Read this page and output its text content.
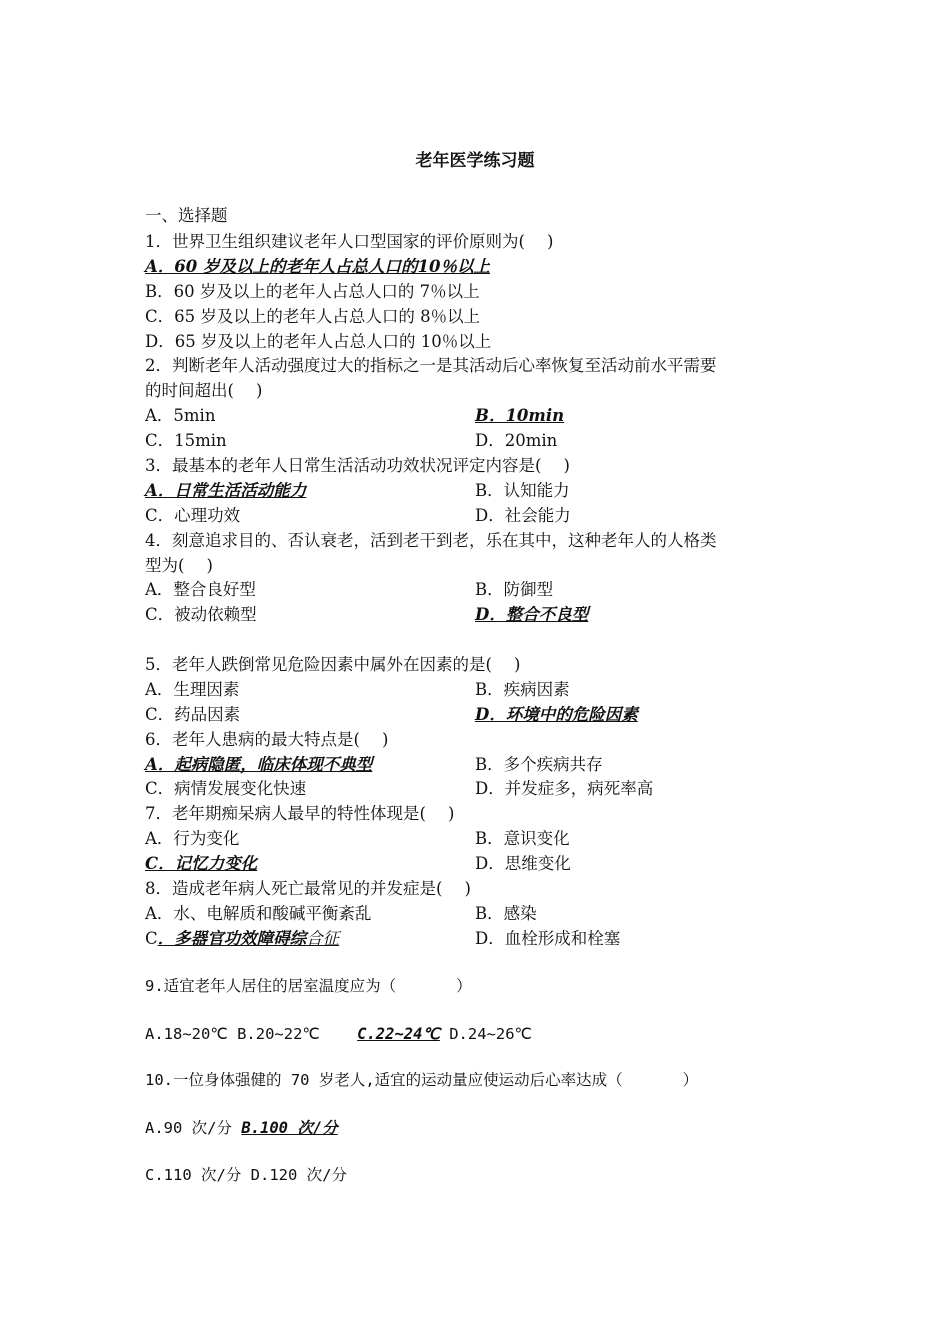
老年医学练习题
一、选择题
1．世界卫生组织建议老年人口型国家的评价原则为( )
A．60 岁及以上的老年人占总人口的10％以上
B．60 岁及以上的老年人占总人口的 7％以上
C．65 岁及以上的老年人占总人口的 8％以上
D．65 岁及以上的老年人占总人口的 10％以上
2．判断老年人活动强度过大的指标之一是其活动后心率恢复至活动前水平需要
的时间超出( )
A．5min	B．10min
C．15min	D．20min
3．最基本的老年人日常生活活动功效状况评定内容是( )
A．日常生活活动能力	B．认知能力
C．心理功效	D．社会能力
4．刻意追求目的、否认衰老，活到老干到老，乐在其中，这种老年人的人格类
型为( )
A．整合良好型	B．防御型
C．被动依赖型	D．整合不良型
5．老年人跌倒常见危险因素中属外在因素的是( )
A．生理因素	B．疾病因素
C．药品因素	D．环境中的危险因素
6．老年人患病的最大特点是( )
A．起病隐匿，临床体现不典型	B．多个疾病共存
C．病情发展变化快速	D．并发症多，病死率高
7．老年期痴呆病人最早的特性体现是( )
A．行为变化	B．意识变化
C．记忆力变化	D．思维变化
8．造成老年病人死亡最常见的并发症是( )
A．水、电解质和酸碱平衡紊乱	B．感染
C．多器官功效障碍综合征	D．血栓形成和栓塞
9.适宜老年人居住的居室温度应为（	）
A.18~20℃ B.20~22℃ C.22~24℃ D.24~26℃
10.一位身体强健的 70 岁老人,适宜的运动量应使运动后心率达成（	）
A.90 次/分 B.100 次/分
C.110 次/分 D.120 次/分
